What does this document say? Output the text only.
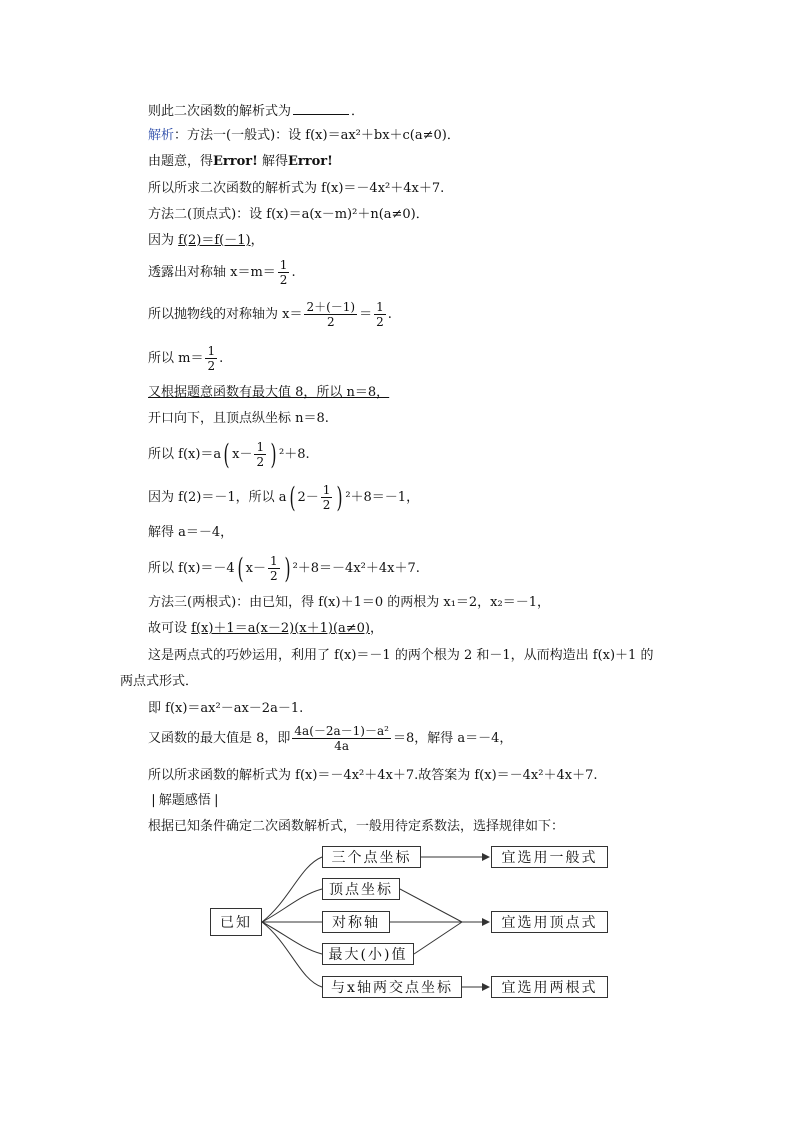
则此二次函数的解析式为	．
解析：方法一(一般式)：设 f(x)＝ax²＋bx＋c(a≠0)．
由题意，得Error! 解得Error!
所以所求二次函数的解析式为 f(x)＝－4x²＋4x＋7.
方法二(顶点式)：设 f(x)＝a(x－m)²＋n(a≠0)．
因为 f(2)＝f(－1)，
透露出对称轴 $x=m= \frac{1}{2}$ .
所以抛物线的对称轴为 $x= \frac{2+(-1)}{2} = \frac{1}{2}$ .
所以 $m= \frac{1}{2}$ .
又根据题意函数有最大值 8，所以 n＝8，
开口向下，且顶点纵坐标 n＝8.
所以 f(x)＝a( $x- \frac{1}{2}$ ) ²＋8.
因为 f(2)＝－1，所以 a( $2- \frac{1}{2}$ ) ²＋8＝－1，
解得 a＝－4，
所以 f(x)＝－4( $x- \frac{1}{2}$ ) ²＋8＝－4x²＋4x＋7.
方法三(两根式)：由已知，得 f(x)＋1＝0 的两根为 x₁＝2，x₂＝－1，
故可设 f(x)＋1＝a(x－2)(x＋1)(a≠0)，
这是两点式的巧妙运用，利用了 f(x)＝－1 的两个根为 2 和－1，从而构造出 f(x)＋1 的
两点式形式．
即 f(x)＝ax²－ax－2a－1.
又函数的最大值是 8，即 $\frac{\text{4a(－2a－1)－a²}}{4a} =8$，解得 a＝－4，
所以所求函数的解析式为 f(x)＝－4x²＋4x＋7.故答案为 f(x)＝－4x²＋4x＋7.
❘解题感悟❘
根据已知条件确定二次函数解析式，一般用待定系数法，选择规律如下：
已知
三个点坐标
顶点坐标
对称轴
最大(小)值
与x轴两交点坐标
宜选用一般式
宜选用顶点式
宜选用两根式
